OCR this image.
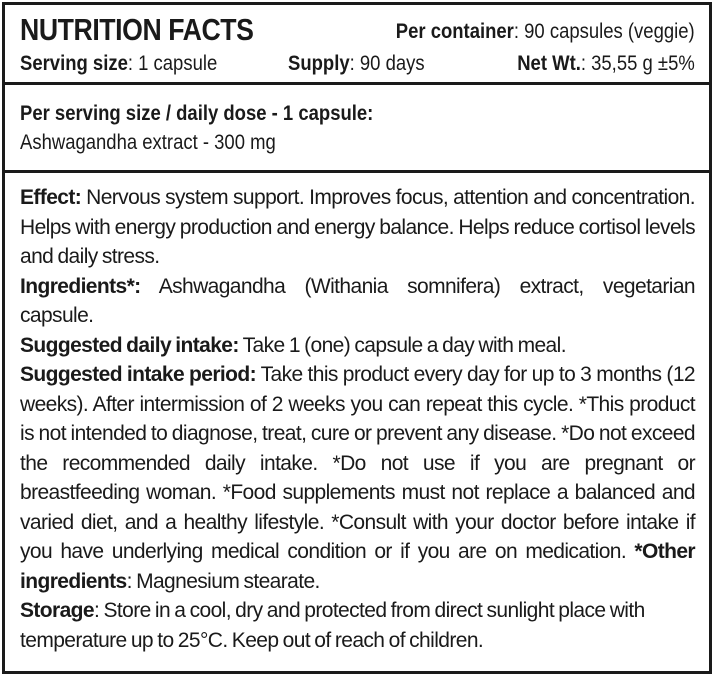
NUTRITION FACTS	Per container: 90 capsules (veggie)
Serving size: 1 capsule	Supply: 90 days	Net Wt.: 35,55 g ±5%
Per serving size / daily dose - 1 capsule:
Ashwagandha extract - 300 mg

Effect: Nervous system support. Improves focus, attention and concentration. Helps with energy production and energy balance. Helps reduce cortisol levels and daily stress.

Ingredients*: Ashwagandha (Withania somnifera) extract, vegetarian capsule.

Suggested daily intake: Take 1 (one) capsule a day with meal.

Suggested intake period: Take this product every day for up to 3 months (12 weeks). After intermission of 2 weeks you can repeat this cycle. *This product is not intended to diagnose, treat, cure or prevent any disease. *Do not exceed the recommended daily intake. *Do not use if you are pregnant or breastfeeding woman. *Food supplements must not replace a balanced and varied diet, and a healthy lifestyle. *Consult with your doctor before intake if you have underlying medical condition or if you are on medication. *Other ingredients: Magnesium stearate.

Storage: Store in a cool, dry and protected from direct sunlight place with temperature up to 25°C. Keep out of reach of children.
